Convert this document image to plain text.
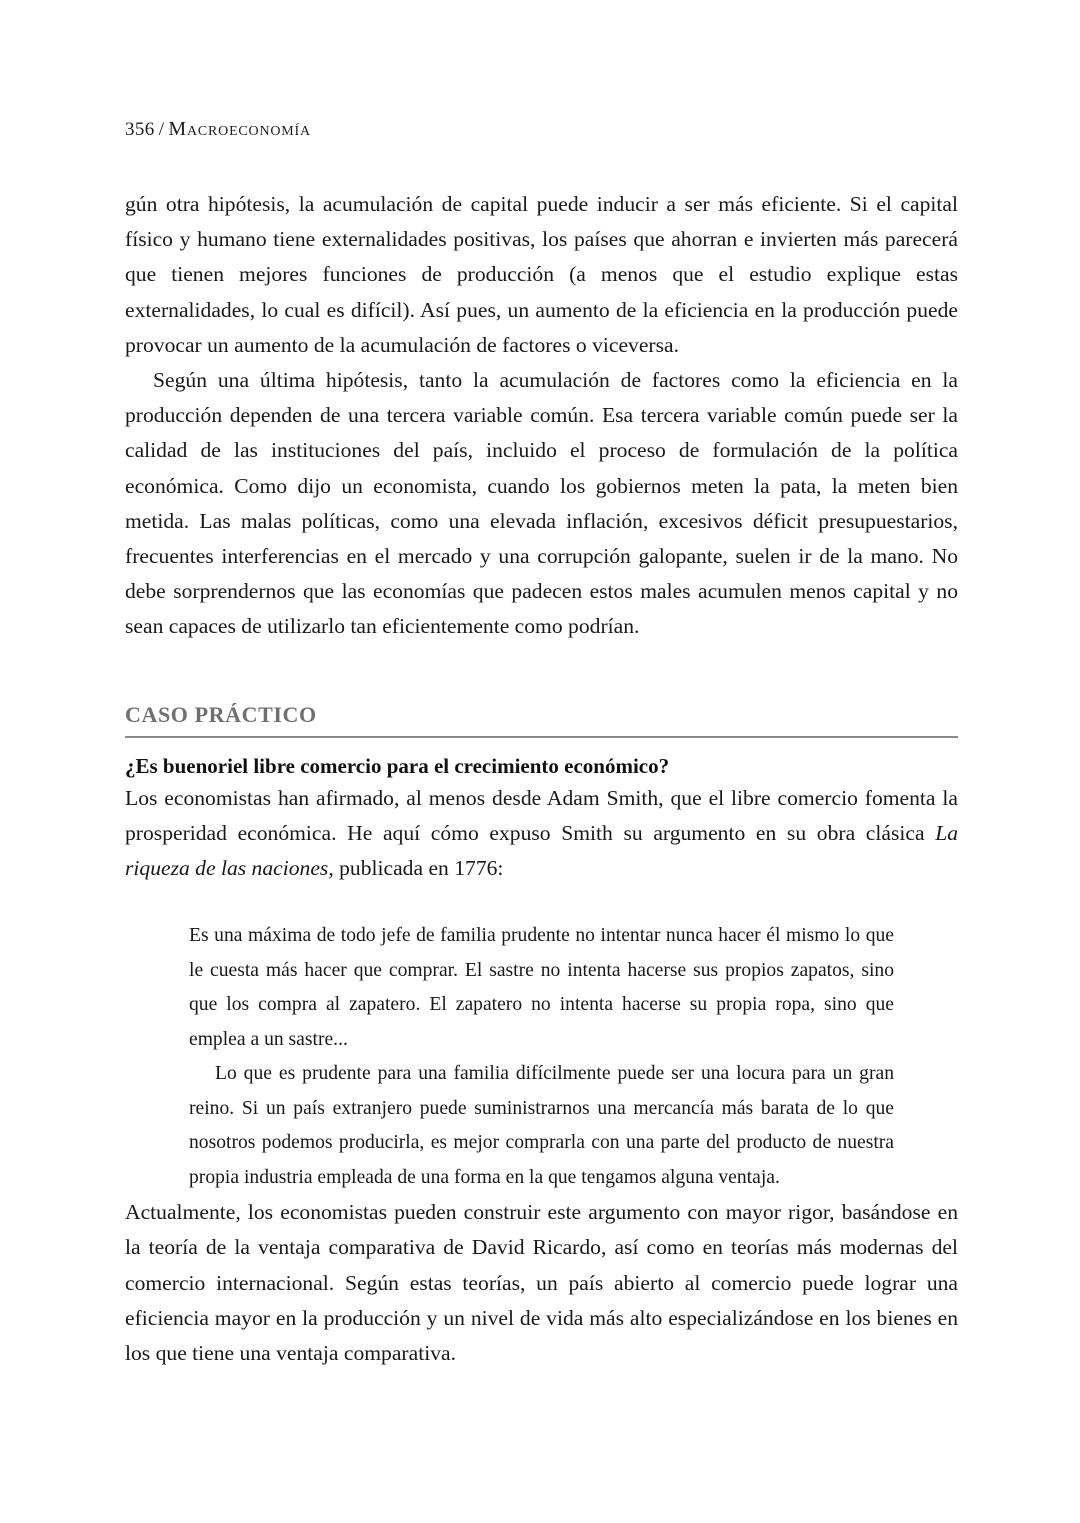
356 / Macroeconomía

gún otra hipótesis, la acumulación de capital puede inducir a ser más eficiente. Si el capital físico y humano tiene externalidades positivas, los países que ahorran e invierten más parecerá que tienen mejores funciones de producción (a menos que el estudio explique estas externalidades, lo cual es difícil). Así pues, un aumento de la eficiencia en la producción puede provocar un aumento de la acumulación de factores o viceversa.

Según una última hipótesis, tanto la acumulación de factores como la eficiencia en la producción dependen de una tercera variable común. Esa tercera variable común puede ser la calidad de las instituciones del país, incluido el proceso de formulación de la política económica. Como dijo un economista, cuando los gobiernos meten la pata, la meten bien metida. Las malas políticas, como una elevada inflación, excesivos déficit presupuestarios, frecuentes interferencias en el mercado y una corrupción galopante, suelen ir de la mano. No debe sorprendernos que las economías que padecen estos males acumulen menos capital y no sean capaces de utilizarlo tan eficientemente como podrían.

CASO PRÁCTICO
¿Es buenoriel libre comercio para el crecimiento económico?

Los economistas han afirmado, al menos desde Adam Smith, que el libre comercio fomenta la prosperidad económica. He aquí cómo expuso Smith su argumento en su obra clásica La riqueza de las naciones, publicada en 1776:

Es una máxima de todo jefe de familia prudente no intentar nunca hacer él mismo lo que le cuesta más hacer que comprar. El sastre no intenta hacerse sus propios zapatos, sino que los compra al zapatero. El zapatero no intenta hacerse su propia ropa, sino que emplea a un sastre...

Lo que es prudente para una familia difícilmente puede ser una locura para un gran reino. Si un país extranjero puede suministrarnos una mercancía más barata de lo que nosotros podemos producirla, es mejor comprarla con una parte del producto de nuestra propia industria empleada de una forma en la que tengamos alguna ventaja.

Actualmente, los economistas pueden construir este argumento con mayor rigor, basándose en la teoría de la ventaja comparativa de David Ricardo, así como en teorías más modernas del comercio internacional. Según estas teorías, un país abierto al comercio puede lograr una eficiencia mayor en la producción y un nivel de vida más alto especializándose en los bienes en los que tiene una ventaja comparativa.
